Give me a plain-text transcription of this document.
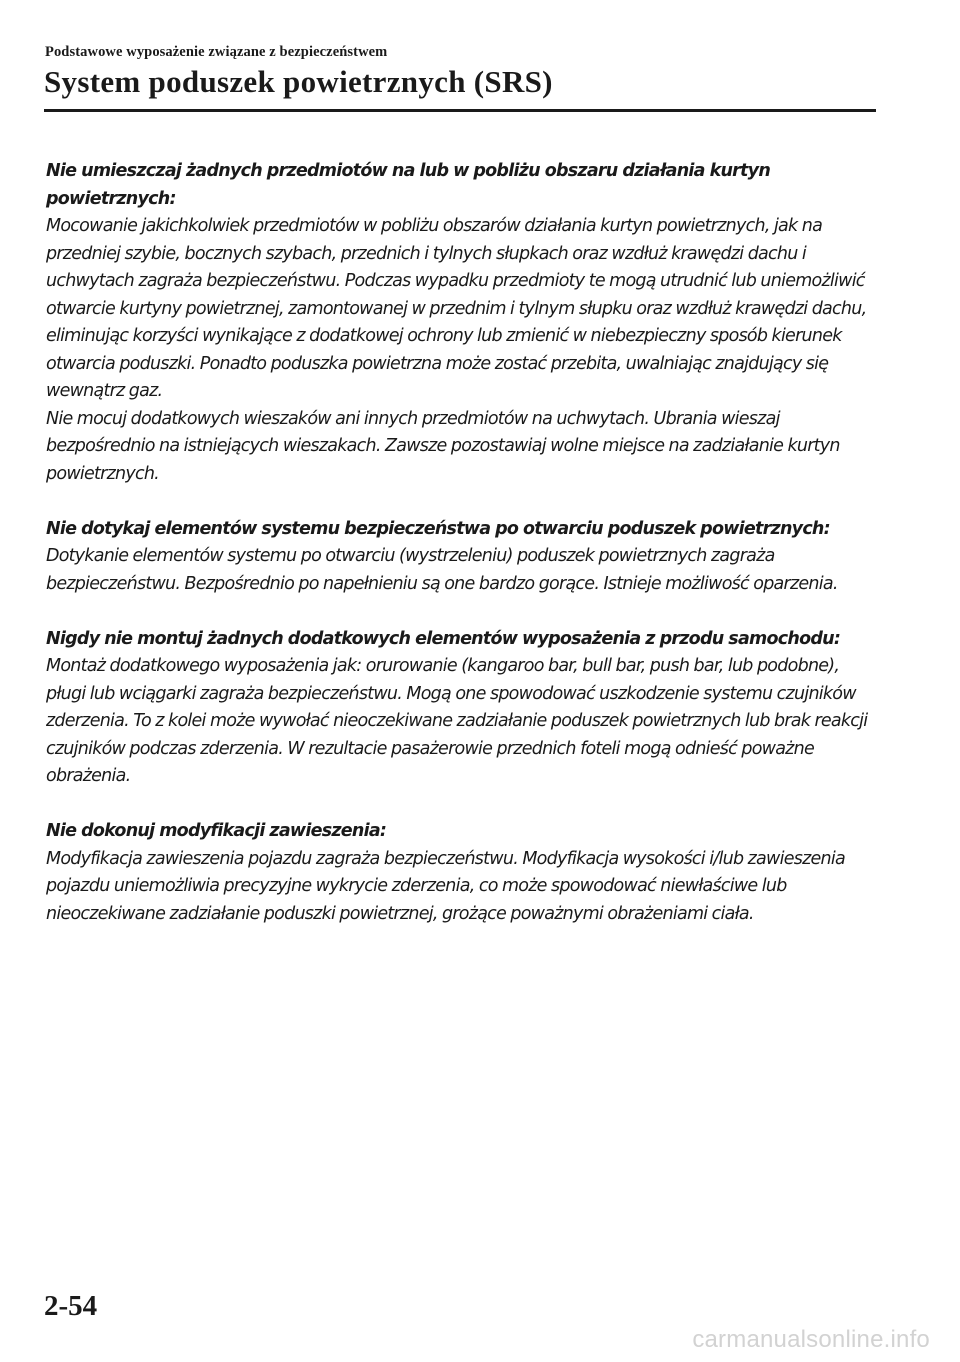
Podstawowe wyposażenie związane z bezpieczeństwem
System poduszek powietrznych (SRS)
Nie umieszczaj żadnych przedmiotów na lub w pobliżu obszaru działania kurtyn powietrznych:
Mocowanie jakichkolwiek przedmiotów w pobliżu obszarów działania kurtyn powietrznych, jak na przedniej szybie, bocznych szybach, przednich i tylnych słupkach oraz wzdłuż krawędzi dachu i uchwytach zagraża bezpieczeństwu. Podczas wypadku przedmioty te mogą utrudnić lub uniemożliwić otwarcie kurtyny powietrznej, zamontowanej w przednim i tylnym słupku oraz wzdłuż krawędzi dachu, eliminując korzyści wynikające z dodatkowej ochrony lub zmienić w niebezpieczny sposób kierunek otwarcia poduszki. Ponadto poduszka powietrzna może zostać przebita, uwalniając znajdujący się wewnątrz gaz.
Nie mocuj dodatkowych wieszaków ani innych przedmiotów na uchwytach. Ubrania wieszaj bezpośrednio na istniejących wieszakach. Zawsze pozostawiaj wolne miejsce na zadziałanie kurtyn powietrznych.
Nie dotykaj elementów systemu bezpieczeństwa po otwarciu poduszek powietrznych:
Dotykanie elementów systemu po otwarciu (wystrzeleniu) poduszek powietrznych zagraża bezpieczeństwu. Bezpośrednio po napełnieniu są one bardzo gorące. Istnieje możliwość oparzenia.
Nigdy nie montuj żadnych dodatkowych elementów wyposażenia z przodu samochodu:
Montaż dodatkowego wyposażenia jak: orurowanie (kangaroo bar, bull bar, push bar, lub podobne), pługi lub wciągarki zagraża bezpieczeństwu. Mogą one spowodować uszkodzenie systemu czujników zderzenia. To z kolei może wywołać nieoczekiwane zadziałanie poduszek powietrznych lub brak reakcji czujników podczas zderzenia. W rezultacie pasażerowie przednich foteli mogą odnieść poważne obrażenia.
Nie dokonuj modyfikacji zawieszenia:
Modyfikacja zawieszenia pojazdu zagraża bezpieczeństwu. Modyfikacja wysokości i/lub zawieszenia pojazdu uniemożliwia precyzyjne wykrycie zderzenia, co może spowodować niewłaściwe lub nieoczekiwane zadziałanie poduszki powietrznej, grożące poważnymi obrażeniami ciała.
2-54
carmanualsonline.info
